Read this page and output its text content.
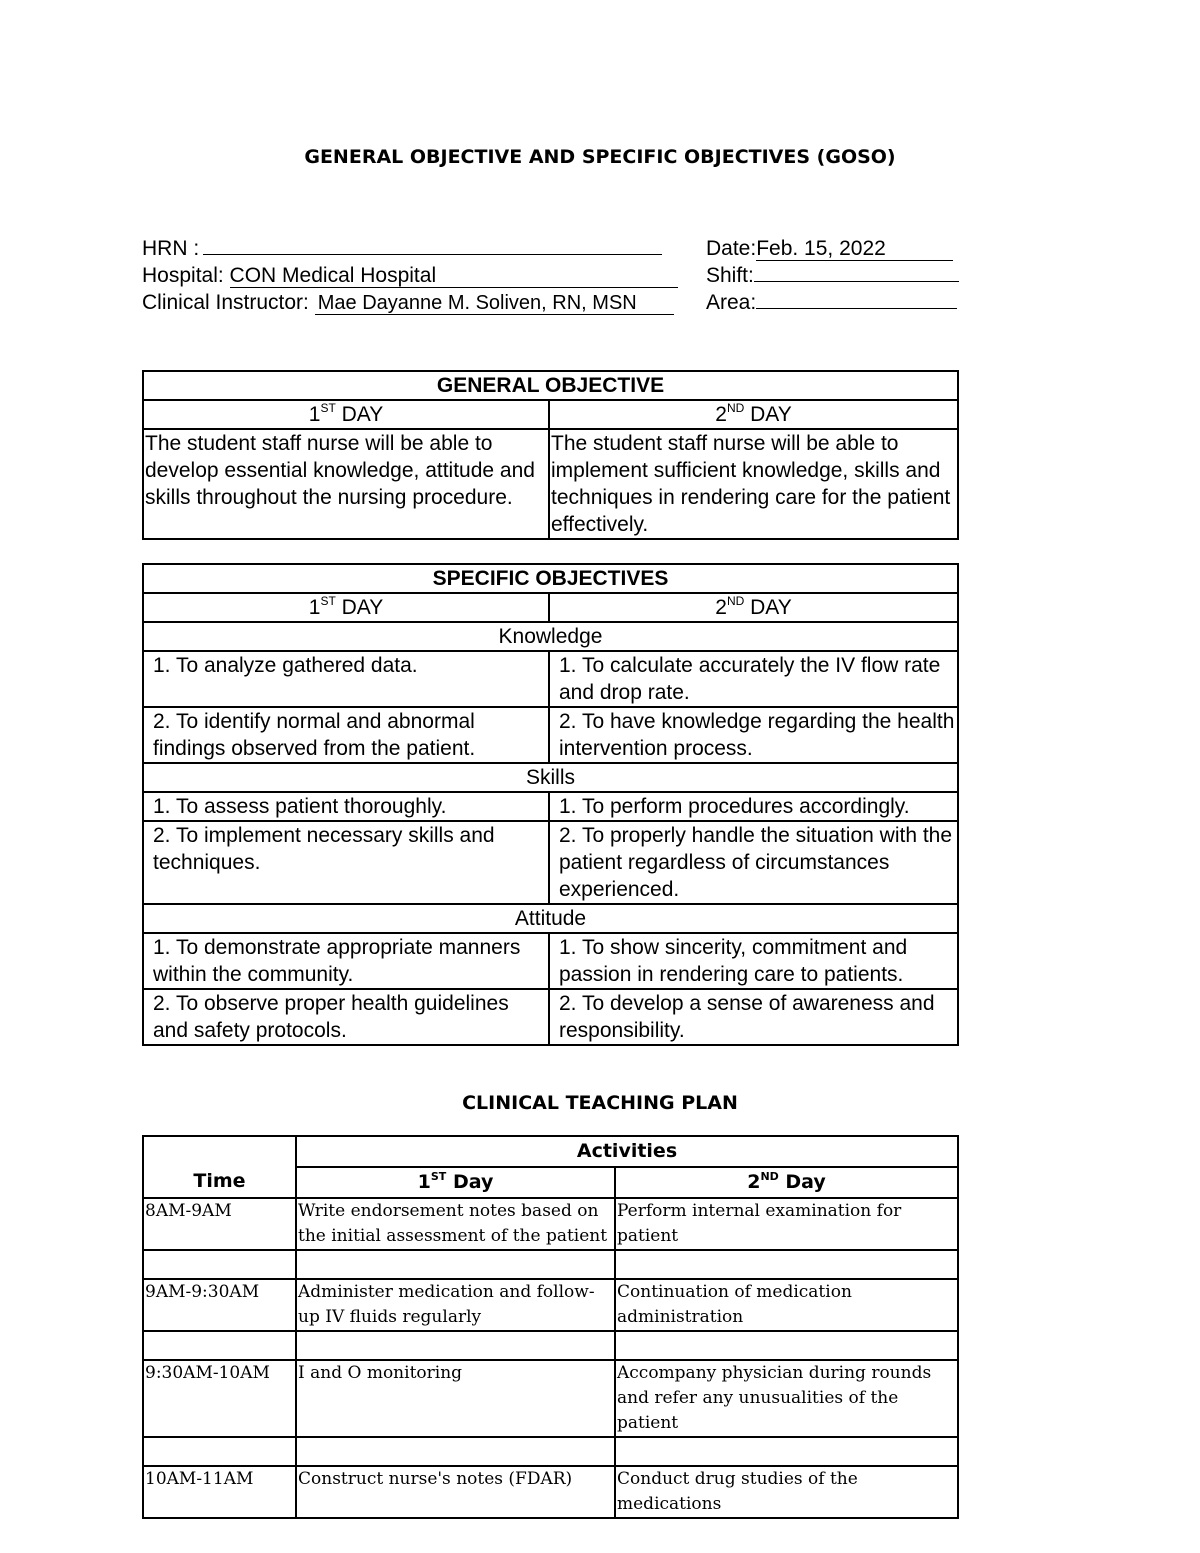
GENERAL OBJECTIVE AND SPECIFIC OBJECTIVES (GOSO)
HRN :	Date:Feb. 15, 2022
Hospital: CON Medical Hospital	Shift:
Clinical Instructor: Mae Dayanne M. Soliven, RN, MSN	Area:
GENERAL OBJECTIVE	
1ST DAY	2ND DAY
The student staff nurse will be able to develop essential knowledge, attitude and skills throughout the nursing procedure.	The student staff nurse will be able to implement sufficient knowledge, skills and techniques in rendering care for the patient effectively.
SPECIFIC OBJECTIVES	
1ST DAY	2ND DAY
Knowledge	
1. To analyze gathered data.	1. To calculate accurately the IV flow rate and drop rate.
2. To identify normal and abnormal findings observed from the patient.	2. To have knowledge regarding the health intervention process.
Skills	
1. To assess patient thoroughly.	1. To perform procedures accordingly.
2. To implement necessary skills and techniques.	2. To properly handle the situation with the patient regardless of circumstances experienced.
Attitude	
1. To demonstrate appropriate manners within the community.	1. To show sincerity, commitment and passion in rendering care to patients.
2. To observe proper health guidelines and safety protocols.	2. To develop a sense of awareness and responsibility.
CLINICAL TEACHING PLAN
Time	Activities	
	1ST Day	2ND Day
8AM-9AM	Write endorsement notes based on the initial assessment of the patient	Perform internal examination for patient

9AM-9:30AM	Administer medication and follow-up IV fluids regularly	Continuation of medication administration

9:30AM-10AM	I and O monitoring	Accompany physician during rounds and refer any unusualities of the patient

10AM-11AM	Construct nurse's notes (FDAR)	Conduct drug studies of the medications
